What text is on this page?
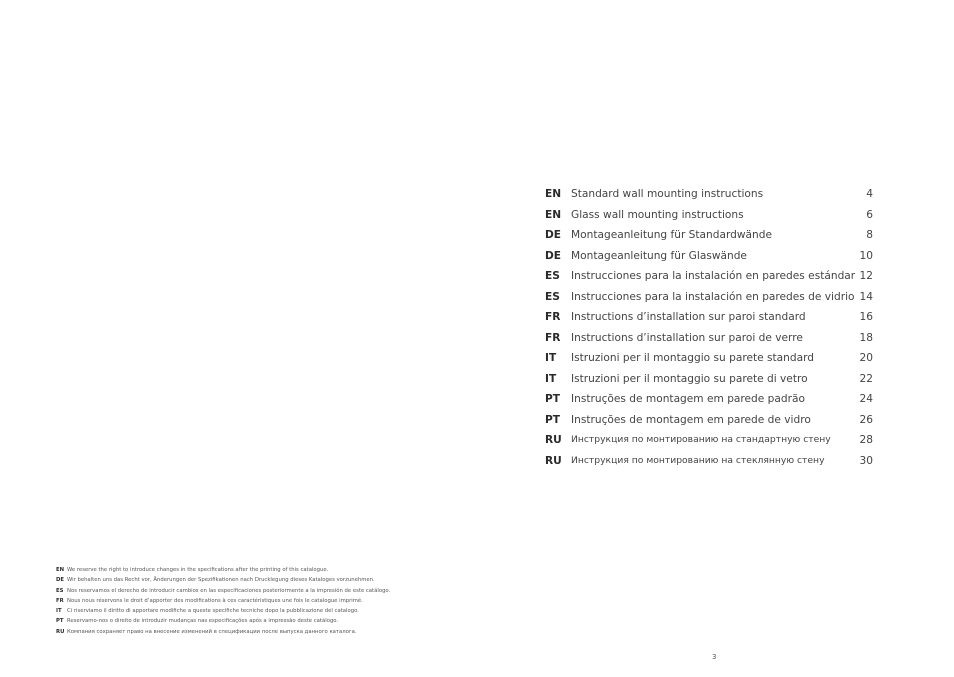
EN Standard wall mounting instructions	4
EN Glass wall mounting instructions	6
DE Montageanleitung für Standardwände	8
DE Montageanleitung für Glaswände	10
ES Instrucciones para la instalación en paredes estándar 12
ES Instrucciones para la instalación en paredes de vidrio 14
FR Instructions d’installation sur paroi standard	16
FR Instructions d’installation sur paroi de verre	18
IT Istruzioni per il montaggio su parete standard	20
IT Istruzioni per il montaggio su parete di vetro	22
PT Instruções de montagem em parede padrão	24
PT Instruções de montagem em parede de vidro	26
RU Инструкция по монтированию на стандартную стену	28
RU Инструкция по монтированию на стеклянную стену	30
EN We reserve the right to introduce changes in the specifications after the printing of this catalogue.
DE Wir behalten uns das Recht vor, Änderungen der Spezifikationen nach Drucklegung dieses Kataloges vorzunehmen.
ES Nos reservamos el derecho de introducir cambios en las especificaciones posteriormente a la impresión de este catálogo.
FR Nous nous réservons le droit d’apporter des modifications à ces caractéristiques une fois le catalogue imprimé.
IT Ci riserviamo il diritto di apportare modifiche a queste specifiche tecniche dopo la pubblicazione del catalogo.
PT Reservamo-nos o direito de introduzir mudanças nas especificações após a impressão deste catálogo.
RU Компания сохраняет право на внесение изменений в спецификации после выпуска данного каталога.
3
